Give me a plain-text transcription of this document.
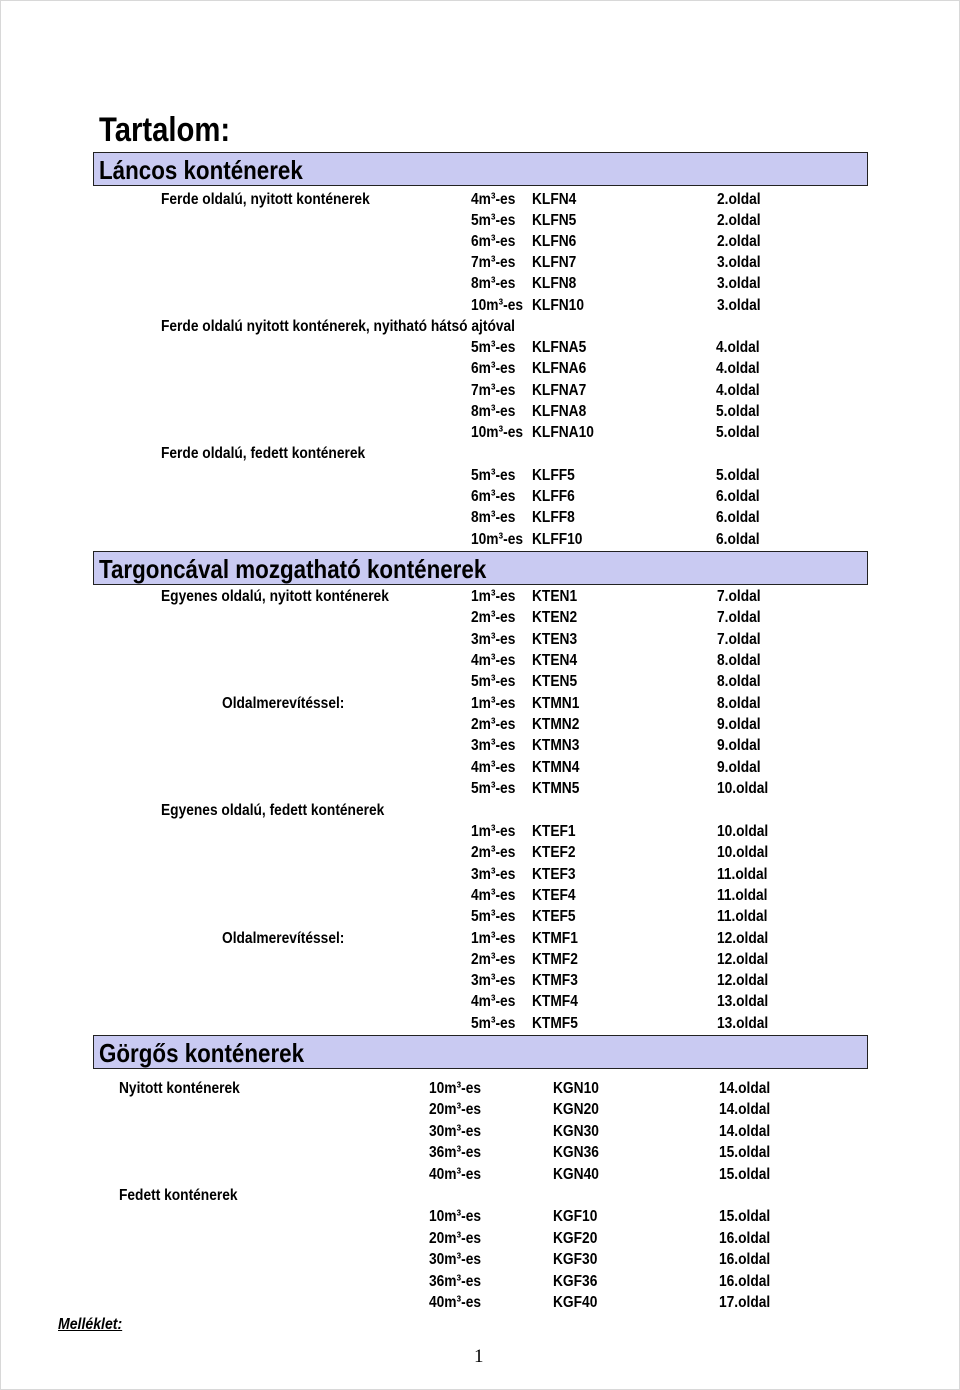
Tartalom:
Láncos konténerek
Targoncával mozgatható konténerek
Görgős konténerek
Ferde oldalú, nyitott konténerek	4m³-es KLFN4	2.oldal
5m³-es KLFN5	2.oldal
6m³-es KLFN6	2.oldal
7m³-es KLFN7	3.oldal
8m³-es KLFN8	3.oldal
10m³-es KLFN10	3.oldal
Ferde oldalú nyitott konténerek, nyitható hátsó ajtóval
5m³-es KLFNA5	4.oldal
6m³-es KLFNA6	4.oldal
7m³-es KLFNA7	4.oldal
8m³-es KLFNA8	5.oldal
10m³-es KLFNA10	5.oldal
Ferde oldalú, fedett konténerek
5m³-es KLFF5	5.oldal
6m³-es KLFF6	6.oldal
8m³-es KLFF8	6.oldal
10m³-es KLFF10	6.oldal
Egyenes oldalú, nyitott konténerek	1m³-es KTEN1	7.oldal
2m³-es KTEN2	7.oldal
3m³-es KTEN3	7.oldal
4m³-es KTEN4	8.oldal
5m³-es KTEN5	8.oldal
Oldalmerevítéssel:	1m³-es KTMN1	8.oldal
2m³-es KTMN2	9.oldal
3m³-es KTMN3	9.oldal
4m³-es KTMN4	9.oldal
5m³-es KTMN5	10.oldal
Egyenes oldalú, fedett konténerek
1m³-es KTEF1	10.oldal
2m³-es KTEF2	10.oldal
3m³-es KTEF3	11.oldal
4m³-es KTEF4	11.oldal
5m³-es KTEF5	11.oldal
Oldalmerevítéssel:	1m³-es KTMF1	12.oldal
2m³-es KTMF2	12.oldal
3m³-es KTMF3	12.oldal
4m³-es KTMF4	13.oldal
5m³-es KTMF5	13.oldal
Nyitott konténerek	10m³-es	KGN10	14.oldal
20m³-es	KGN20	14.oldal
30m³-es	KGN30	14.oldal
36m³-es	KGN36	15.oldal
40m³-es	KGN40	15.oldal
Fedett konténerek
10m³-es	KGF10	15.oldal
20m³-es	KGF20	16.oldal
30m³-es	KGF30	16.oldal
36m³-es	KGF36	16.oldal
40m³-es	KGF40	17.oldal
Melléklet:
1
